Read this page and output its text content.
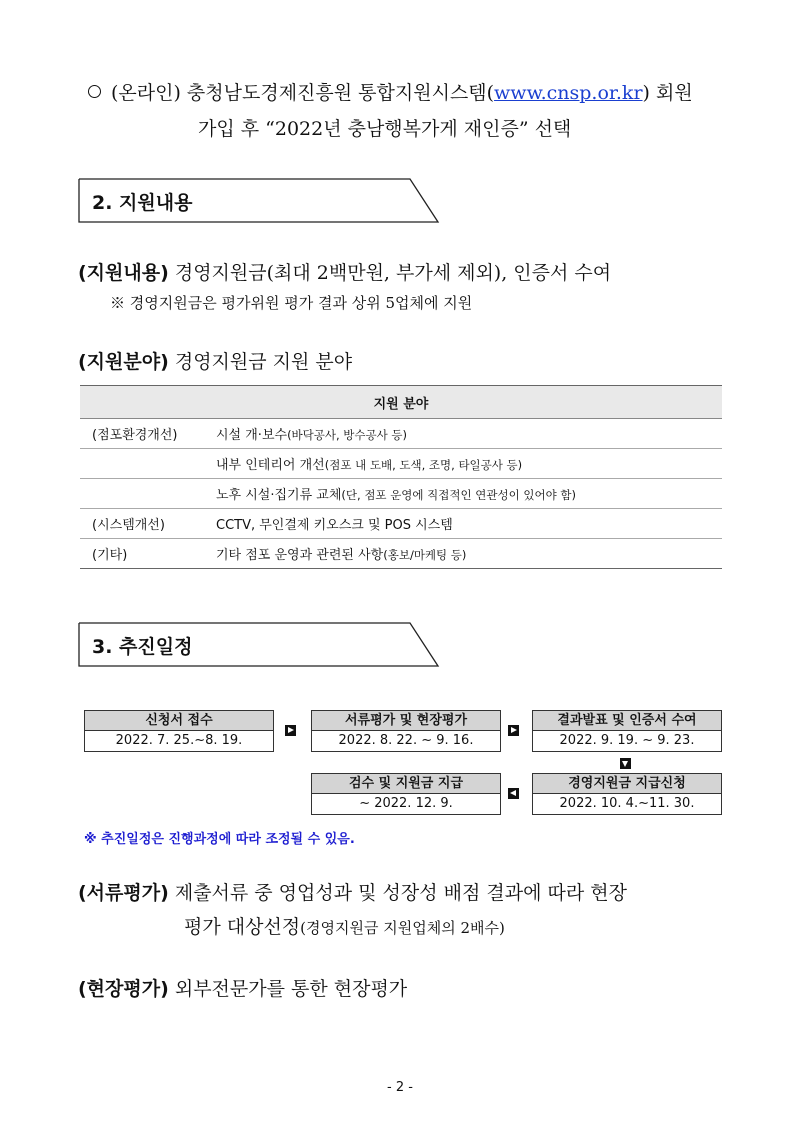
(온라인) 충청남도경제진흥원 통합지원시스템(www.cnsp.or.kr) 회원
가입 후 “2022년 충남행복가게 재인증” 선택
2. 지원내용
(지원내용) 경영지원금(최대 2백만원, 부가세 제외), 인증서 수여
※ 경영지원금은 평가위원 평가 결과 상위 5업체에 지원
(지원분야) 경영지원금 지원 분야
지원 분야	
(점포환경개선)	시설 개·보수(바닥공사, 방수공사 등)
	내부 인테리어 개선(점포 내 도배, 도색, 조명, 타일공사 등)
	노후 시설·집기류 교체(단, 점포 운영에 직접적인 연관성이 있어야 함)
(시스템개선)	CCTV, 무인결제 키오스크 및 POS 시스템
(기타)	기타 점포 운영과 관련된 사항(홍보/마케팅 등)
3. 추진일정
신청서 접수
2022. 7. 25.~8. 19.
서류평가 및 현장평가
2022. 8. 22. ~ 9. 16.
결과발표 및 인증서 수여
2022. 9. 19. ~ 9. 23.
경영지원금 지급신청
2022. 10. 4.~11. 30.
검수 및 지원금 지급
~ 2022. 12. 9.
※ 추진일정은 진행과정에 따라 조정될 수 있음.
(서류평가) 제출서류 중 영업성과 및 성장성 배점 결과에 따라 현장
평가 대상선정(경영지원금 지원업체의 2배수)
(현장평가) 외부전문가를 통한 현장평가
- 2 -
